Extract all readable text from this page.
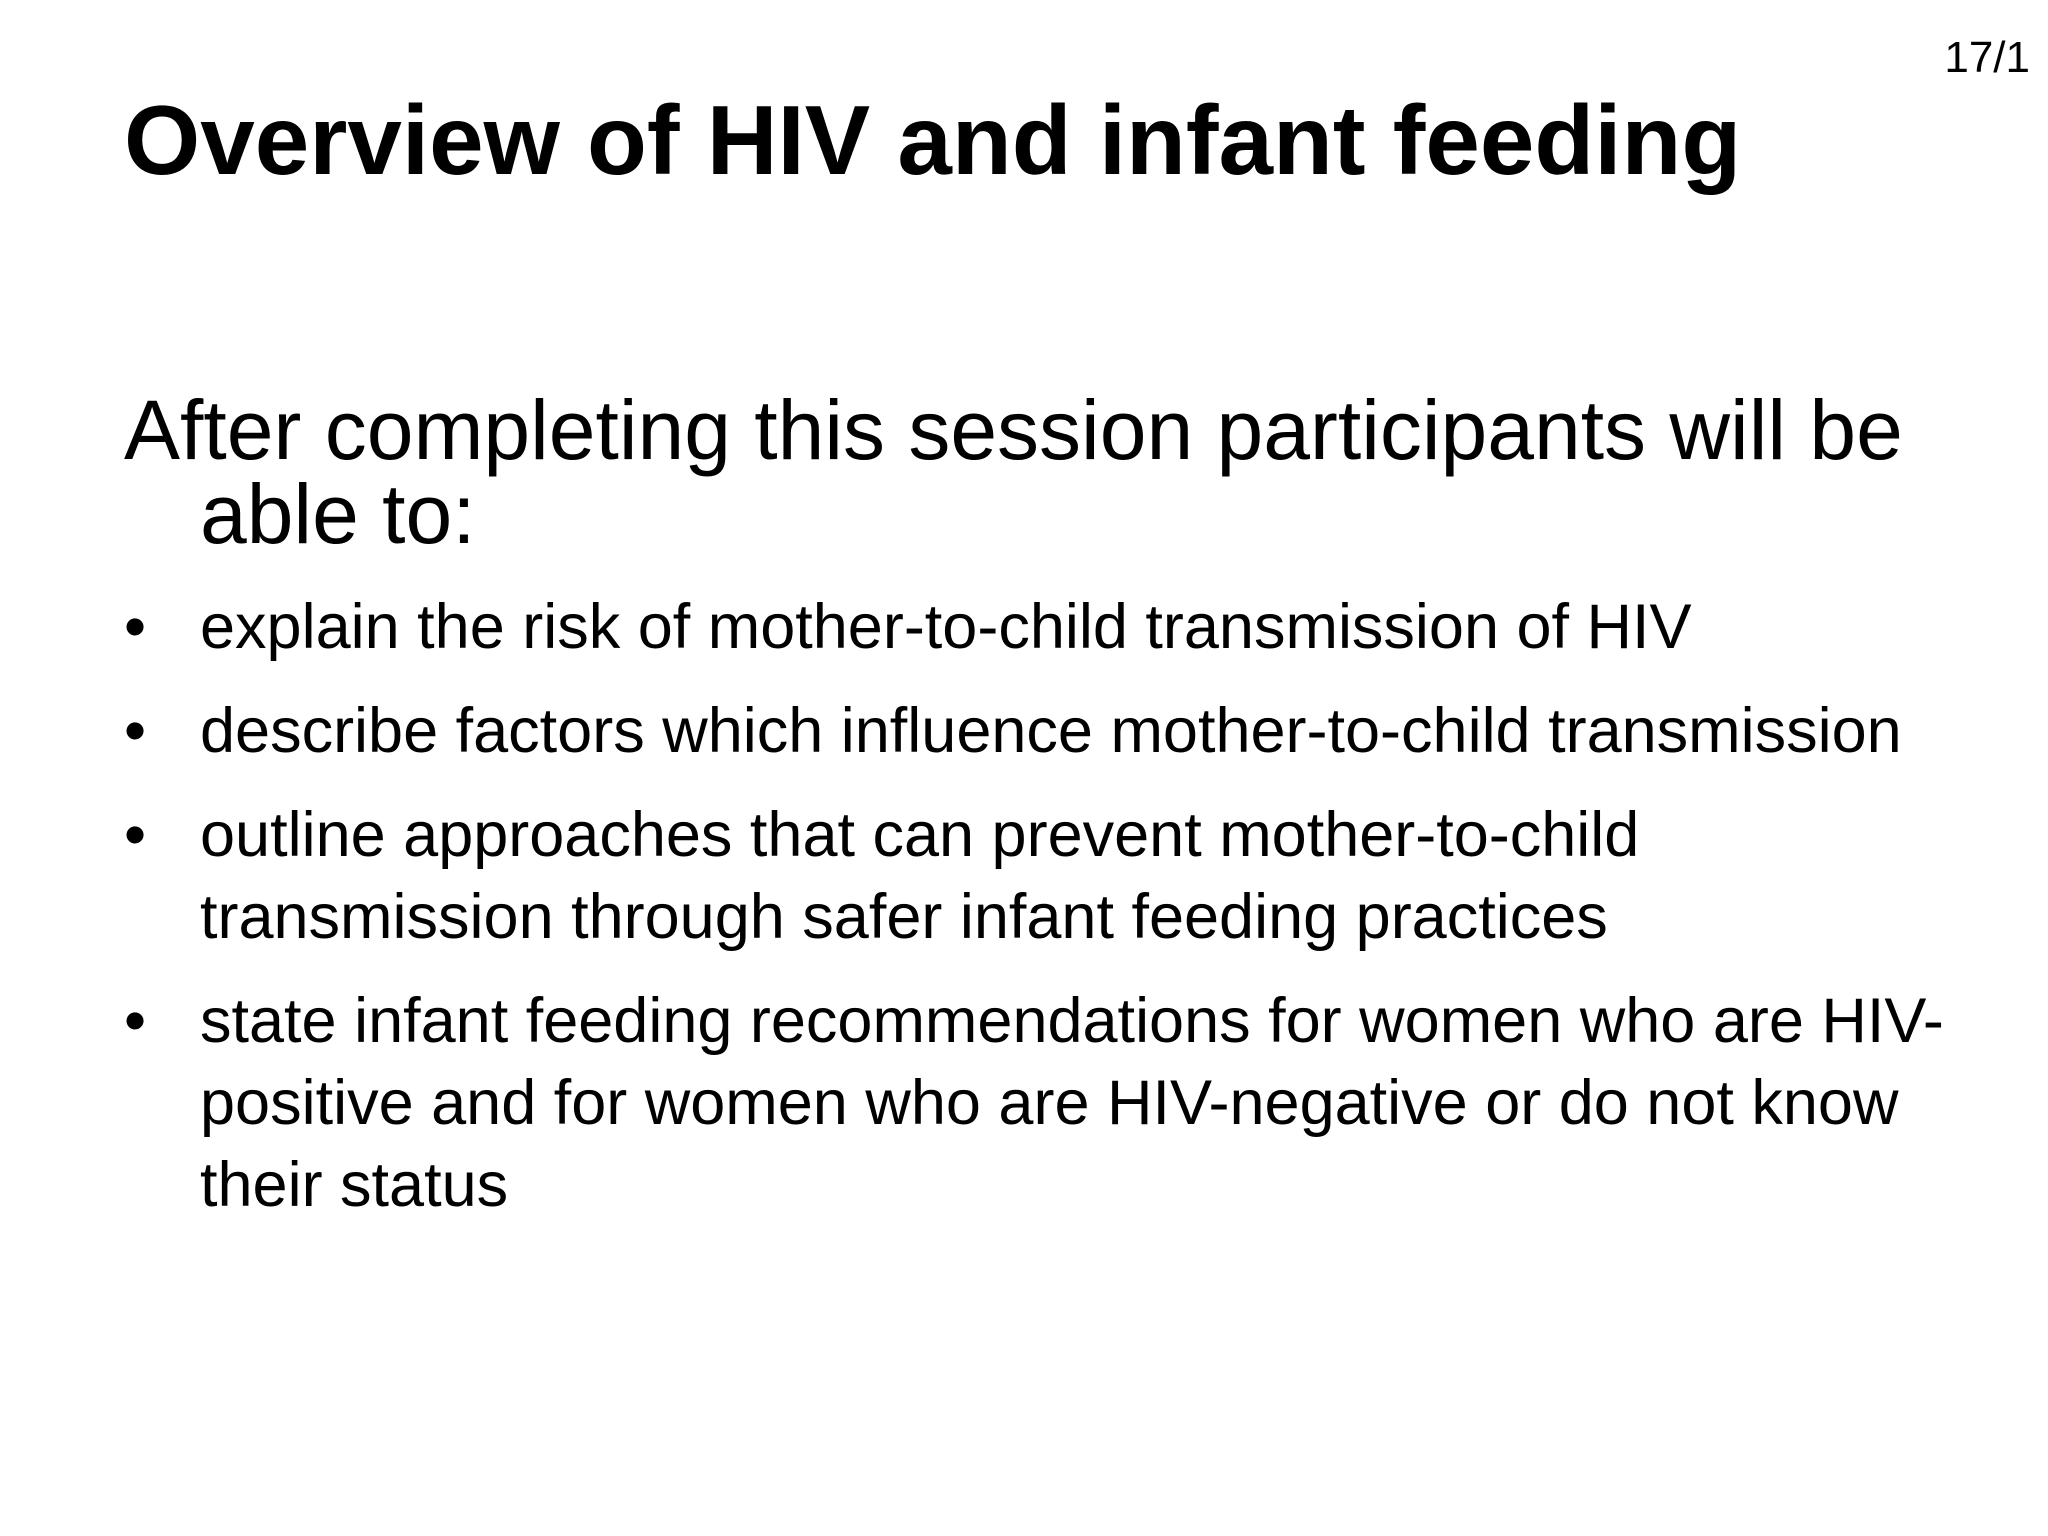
17/1
Overview of HIV and infant feeding

After completing this session participants will be able to:

• explain the risk of mother-to-child transmission of HIV
• describe factors which influence mother-to-child transmission
• outline approaches that can prevent mother-to-child transmission through safer infant feeding practices
• state infant feeding recommendations for women who are HIV-positive and for women who are HIV-negative or do not know their status
